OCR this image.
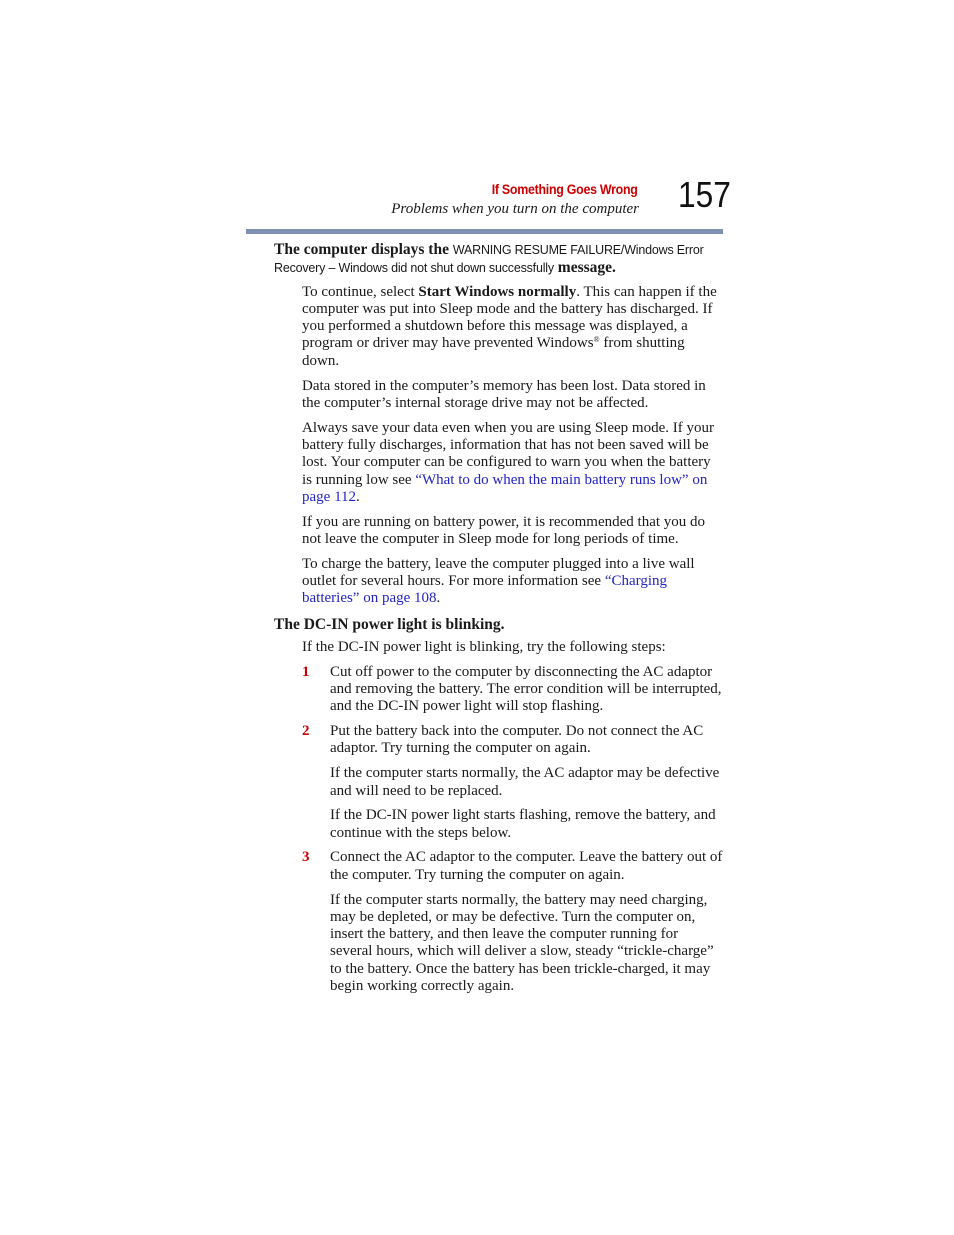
If Something Goes Wrong
Problems when you turn on the computer 157
The computer displays the WARNING RESUME FAILURE/Windows Error Recovery – Windows did not shut down successfully message.

To continue, select Start Windows normally. This can happen if the computer was put into Sleep mode and the battery has discharged. If you performed a shutdown before this message was displayed, a program or driver may have prevented Windows® from shutting down.

Data stored in the computer’s memory has been lost. Data stored in the computer’s internal storage drive may not be affected.

Always save your data even when you are using Sleep mode. If your battery fully discharges, information that has not been saved will be lost. Your computer can be configured to warn you when the battery is running low see “What to do when the main battery runs low” on page 112.

If you are running on battery power, it is recommended that you do not leave the computer in Sleep mode for long periods of time.

To charge the battery, leave the computer plugged into a live wall outlet for several hours. For more information see “Charging batteries” on page 108.

The DC-IN power light is blinking.

If the DC-IN power light is blinking, try the following steps:

1	Cut off power to the computer by disconnecting the AC adaptor and removing the battery. The error condition will be interrupted, and the DC-IN power light will stop flashing.
2	Put the battery back into the computer. Do not connect the AC adaptor. Try turning the computer on again.

If the computer starts normally, the AC adaptor may be defective and will need to be replaced.

If the DC-IN power light starts flashing, remove the battery, and continue with the steps below.

3	Connect the AC adaptor to the computer. Leave the battery out of the computer. Try turning the computer on again.

If the computer starts normally, the battery may need charging, may be depleted, or may be defective. Turn the computer on, insert the battery, and then leave the computer running for several hours, which will deliver a slow, steady “trickle-charge” to the battery. Once the battery has been trickle-charged, it may begin working correctly again.
